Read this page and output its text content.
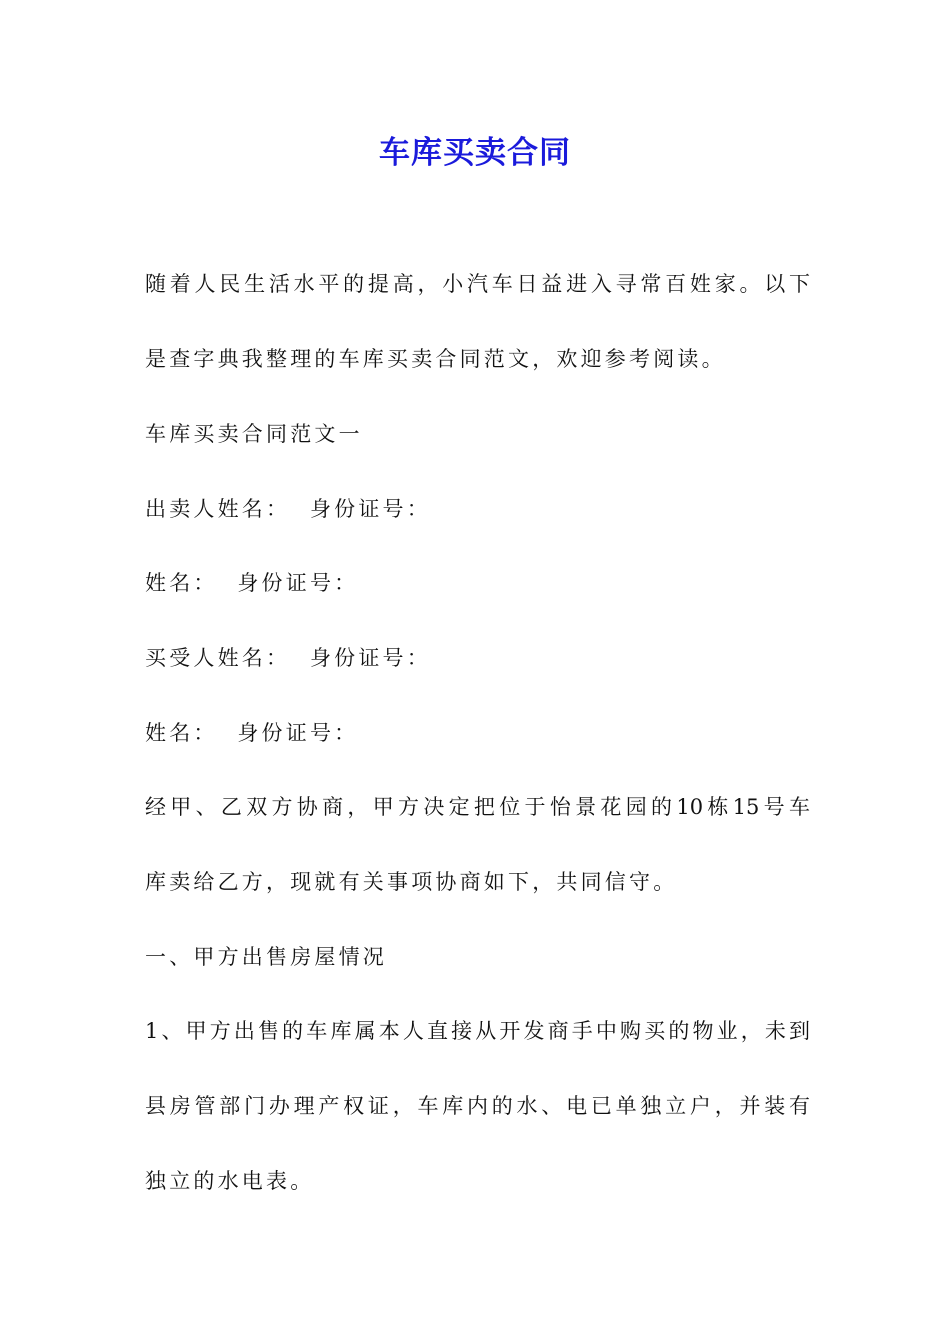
车库买卖合同
随着人民生活水平的提高，小汽车日益进入寻常百姓家。以下
是查字典我整理的车库买卖合同范文，欢迎参考阅读。
车库买卖合同范文一
出卖人姓名：  身份证号：
姓名：  身份证号：
买受人姓名：  身份证号：
姓名：  身份证号：
经甲、乙双方协商，甲方决定把位于怡景花园的10栋15号车
库卖给乙方，现就有关事项协商如下，共同信守。
一、甲方出售房屋情况
1、甲方出售的车库属本人直接从开发商手中购买的物业，未到
县房管部门办理产权证，车库内的水、电已单独立户，并装有
独立的水电表。
